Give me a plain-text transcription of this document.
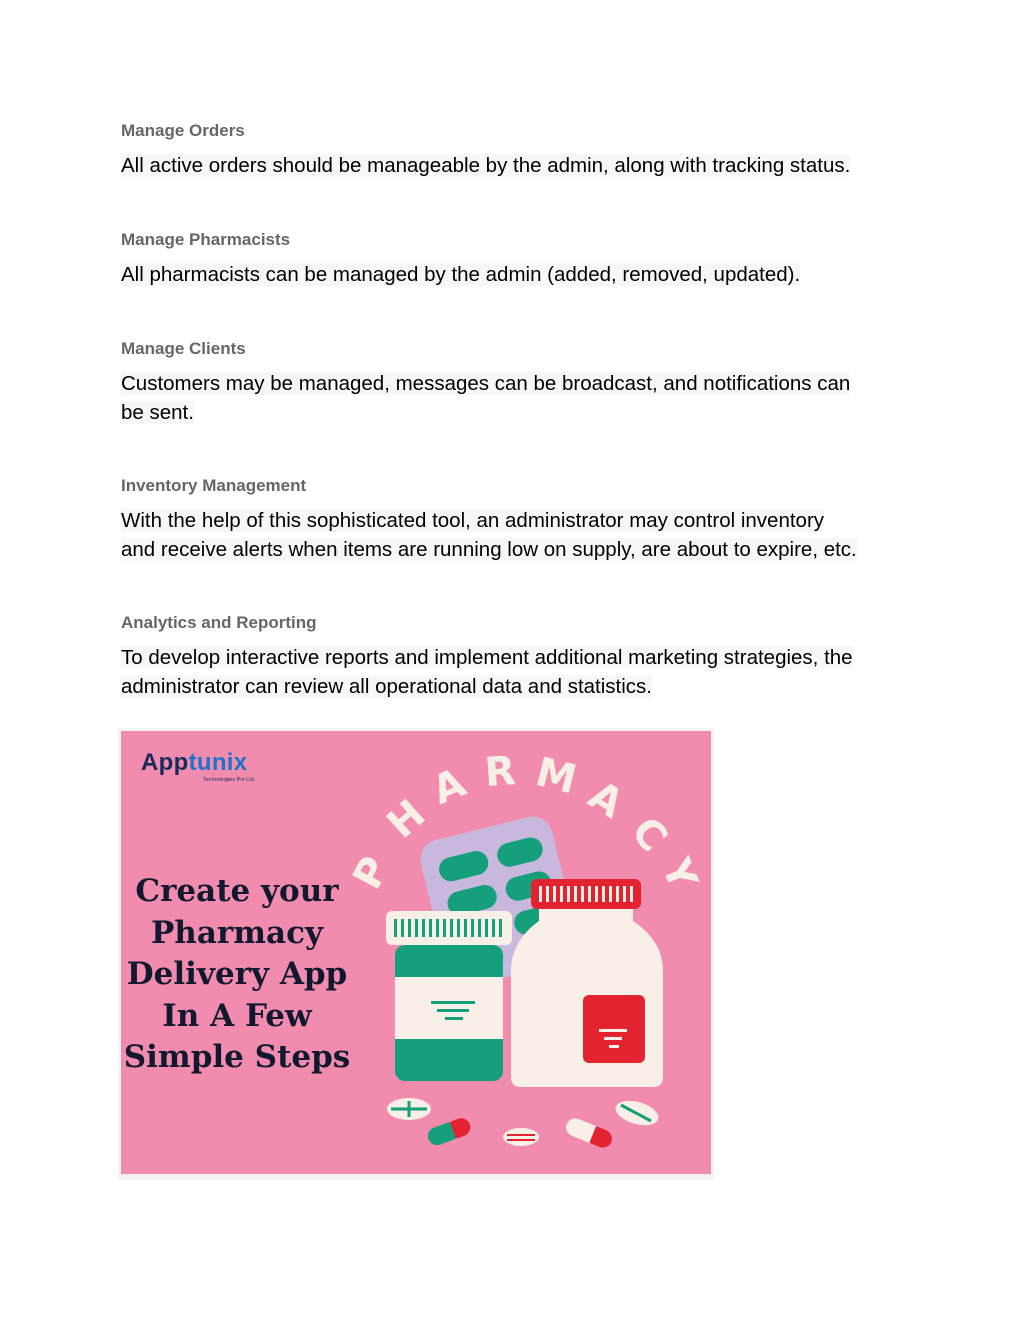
Manage Orders

All active orders should be manageable by the admin, along with tracking status.

Manage Pharmacists

All pharmacists can be managed by the admin (added, removed, updated).

Manage Clients

Customers may be managed, messages can be broadcast, and notifications can
be sent.

Inventory Management

With the help of this sophisticated tool, an administrator may control inventory
and receive alerts when items are running low on supply, are about to expire, etc.

Analytics and Reporting

To develop interactive reports and implement additional marketing strategies, the
administrator can review all operational data and statistics.

P
H
A R M A
C
Y
Apptunix
Technologies Pvt Ltd.
Create your
Pharmacy
Delivery App
In A Few
Simple Steps
